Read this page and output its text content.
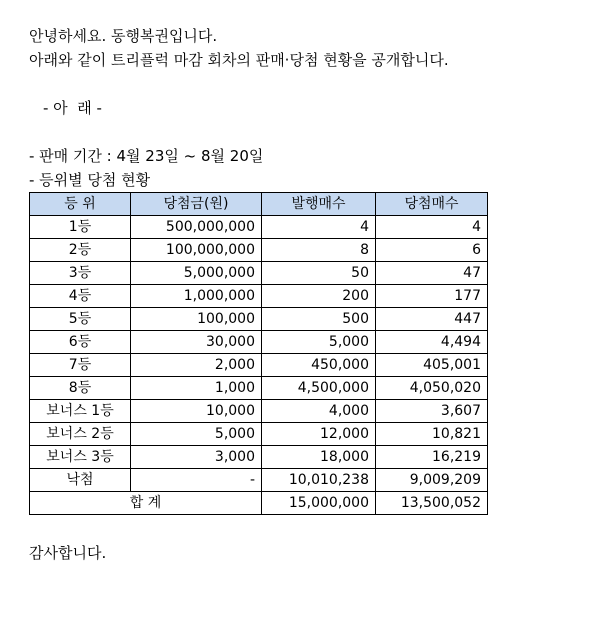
안녕하세요. 동행복권입니다.
아래와 같이 트리플럭 마감 회차의 판매·당첨 현황을 공개합니다.
- 아  래 -
- 판매 기간 : 4월 23일 ~ 8월 20일
- 등위별 당첨 현황
등 위	당첨금(원)	발행매수	당첨매수
1등	500,000,000	4	4
2등	100,000,000	8	6
3등	5,000,000	50	47
4등	1,000,000	200	177
5등	100,000	500	447
6등	30,000	5,000	4,494
7등	2,000	450,000	405,001
8등	1,000	4,500,000	4,050,020
보너스 1등	10,000	4,000	3,607
보너스 2등	5,000	12,000	10,821
보너스 3등	3,000	18,000	16,219
낙첨	-	10,010,238	9,009,209
합 계		15,000,000	13,500,052
감사합니다.
